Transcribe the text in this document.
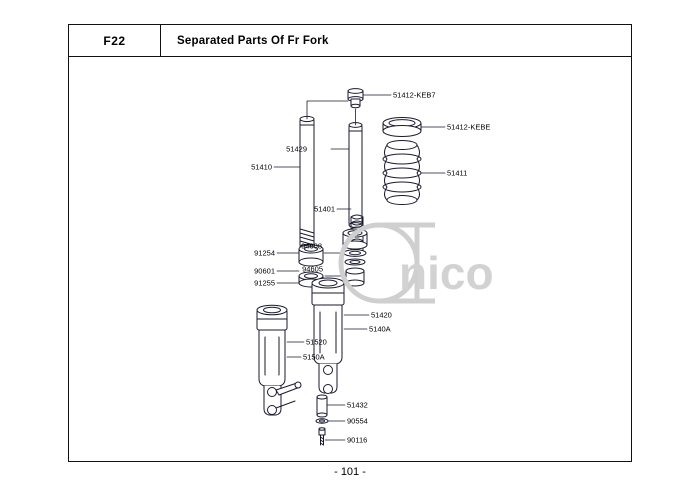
F22	Separated Parts Of Fr Fork
51412-KEBE
51411
51412-KEB7
51429
51410
51401
91254
94608
90601	94605
91255
51420
5140A
51520
5150A
51432
90554
90116
nico
- 101 -
